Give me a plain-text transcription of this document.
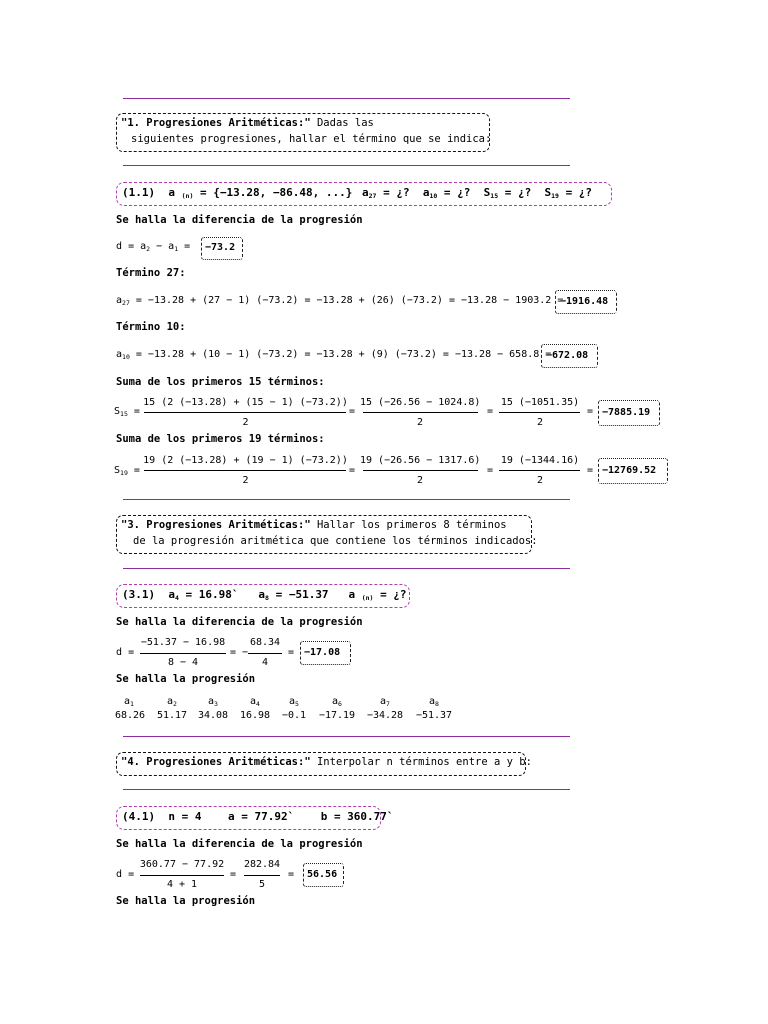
"1. Progresiones Aritméticas:" Dadas las
siguientes progresiones, hallar el término que se indica:
(1.1) a $_{(n)}$ = {−13.28, −86.48, ...} $a_{27}$ = ¿? $a_{10}$ = ¿? $S_{15}$ = ¿? $S_{19}$ = ¿?
Se halla la diferencia de la progresión
$d = a_2 - a_1 = -73.2$
Término 27:
$a_{27} = -13.28 + (27 - 1) (-73.2) = -13.28 + (26) (-73.2) = -13.28 - 1903.2$ =
−1916.48
Término 10:
$a_{10} = -13.28 + (10 - 1) (-73.2) = -13.28 + (9) (-73.2) = -13.28 - 658.8$ =
−672.08
Suma de los primeros 15 términos:
$S_{15}$ =
15 (2 (−13.28) + (15 − 1) (−73.2))
2
=
15 (−26.56 − 1024.8)
2
=
15 (−1051.35)
2
= −7885.19
Suma de los primeros 19 términos:
$S_{19}$ =
19 (2 (−13.28) + (19 − 1) (−73.2))
2
=
19 (−26.56 − 1317.6)
2
=
19 (−1344.16)
2
= −12769.52
"3. Progresiones Aritméticas:" Hallar los primeros 8 términos
de la progresión aritmética que contiene los términos indicados:
(3.1) $a_4$ = 16.98` $a_8 = -51.37$ a $_{(n)}$ = ¿?
Se halla la diferencia de la progresión
d =
−51.37 − 16.98
8 − 4
= −
68.34
4
= −17.08
Se halla la progresión
$a_1$	$a_2$	$a_3$	$a_4$	$a_5$	$a_6$	$a_7$	$a_8$
68.26	51.17	34.08	16.98	−0.1	−17.19	−34.28	−51.37
"4. Progresiones Aritméticas:" Interpolar n términos entre a y b:
(4.1) n = 4    a = 77.92`    b = 360.77`
Se halla la diferencia de la progresión
d =
360.77 − 77.92
4 + 1
=
282.84
5
= 56.56
Se halla la progresión
